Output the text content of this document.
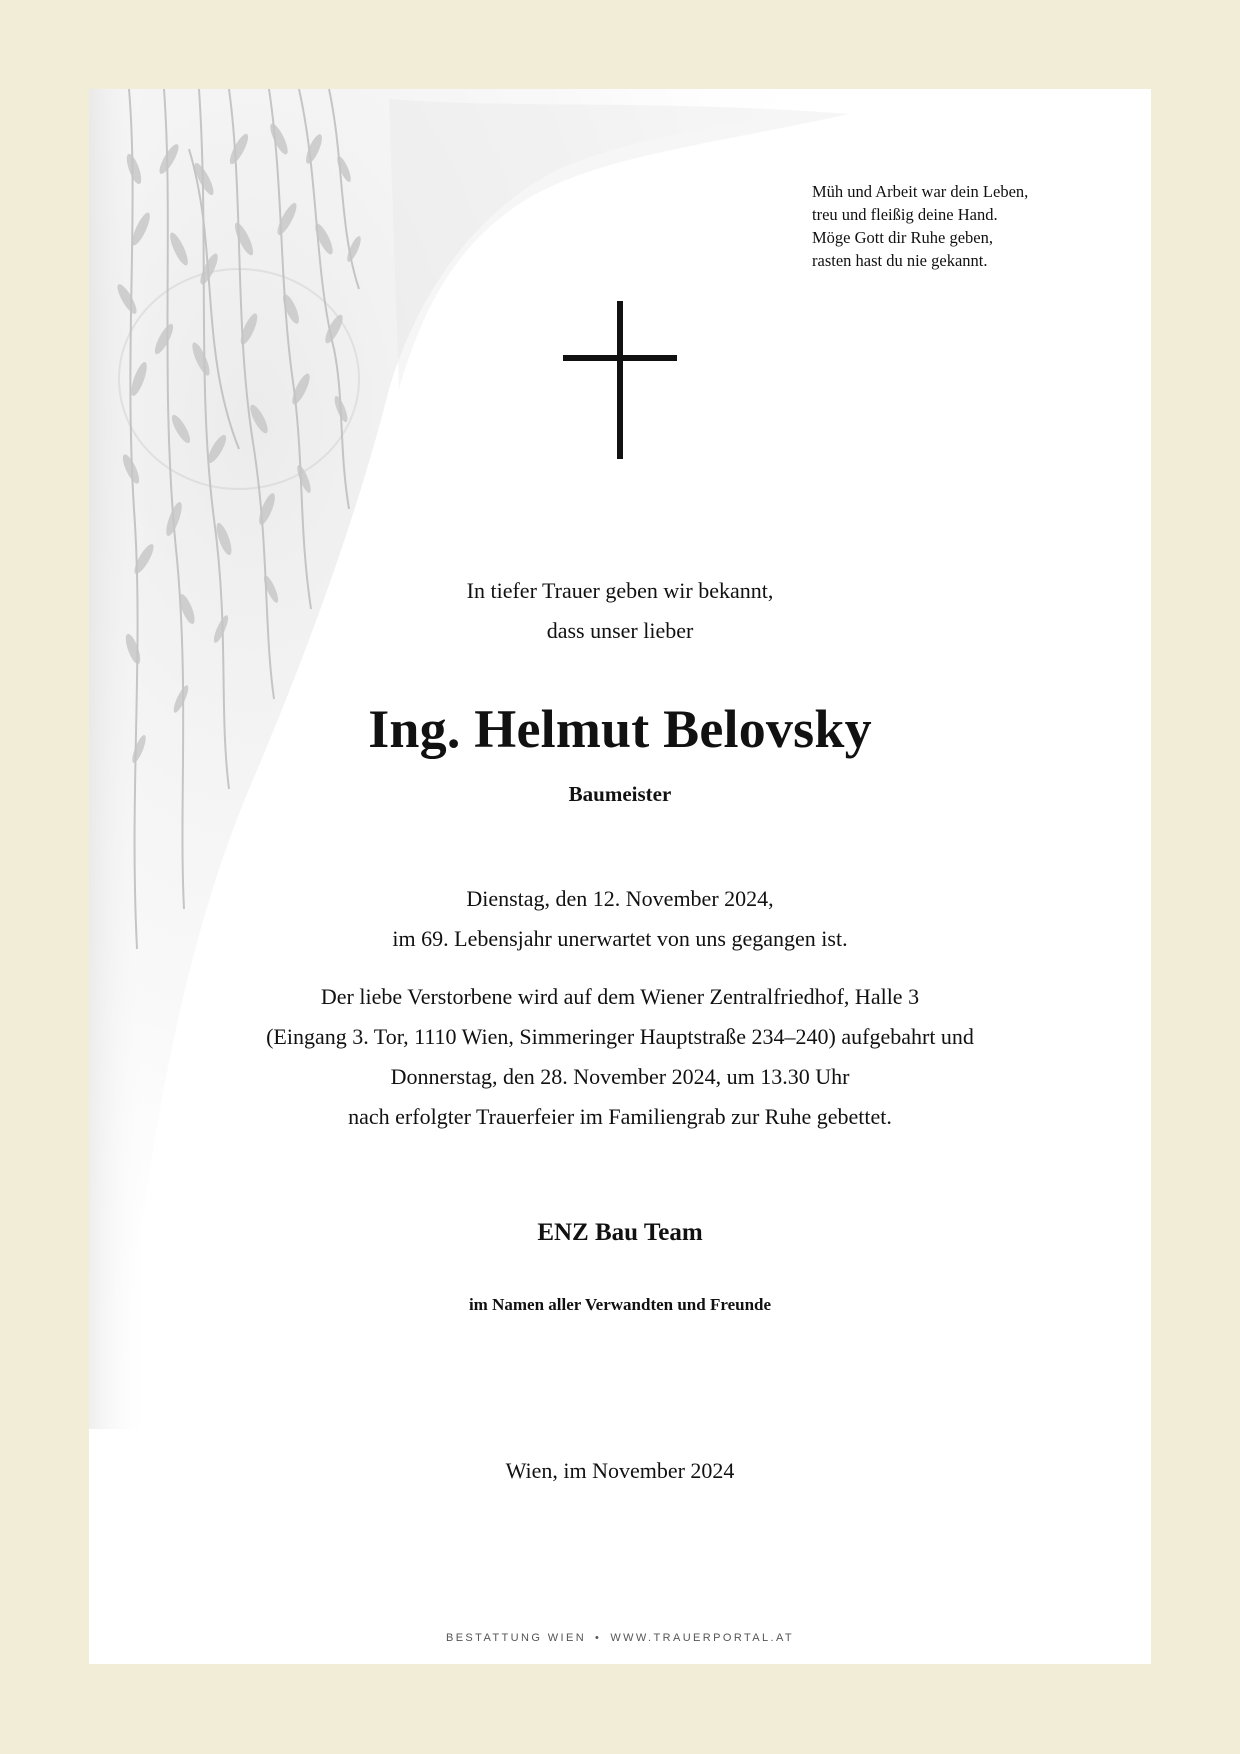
Müh und Arbeit war dein Leben,
treu und fleißig deine Hand.
Möge Gott dir Ruhe geben,
rasten hast du nie gekannt.
In tiefer Trauer geben wir bekannt,
dass unser lieber
Ing. Helmut Belovsky
Baumeister
Dienstag, den 12. November 2024,
im 69. Lebensjahr unerwartet von uns gegangen ist.
Der liebe Verstorbene wird auf dem Wiener Zentralfriedhof, Halle 3
(Eingang 3. Tor, 1110 Wien, Simmeringer Hauptstraße 234–240) aufgebahrt und
Donnerstag, den 28. November 2024, um 13.30 Uhr
nach erfolgter Trauerfeier im Familiengrab zur Ruhe gebettet.
ENZ Bau Team
im Namen aller Verwandten und Freunde
Wien, im November 2024
BESTATTUNG WIEN • WWW.TRAUERPORTAL.AT
